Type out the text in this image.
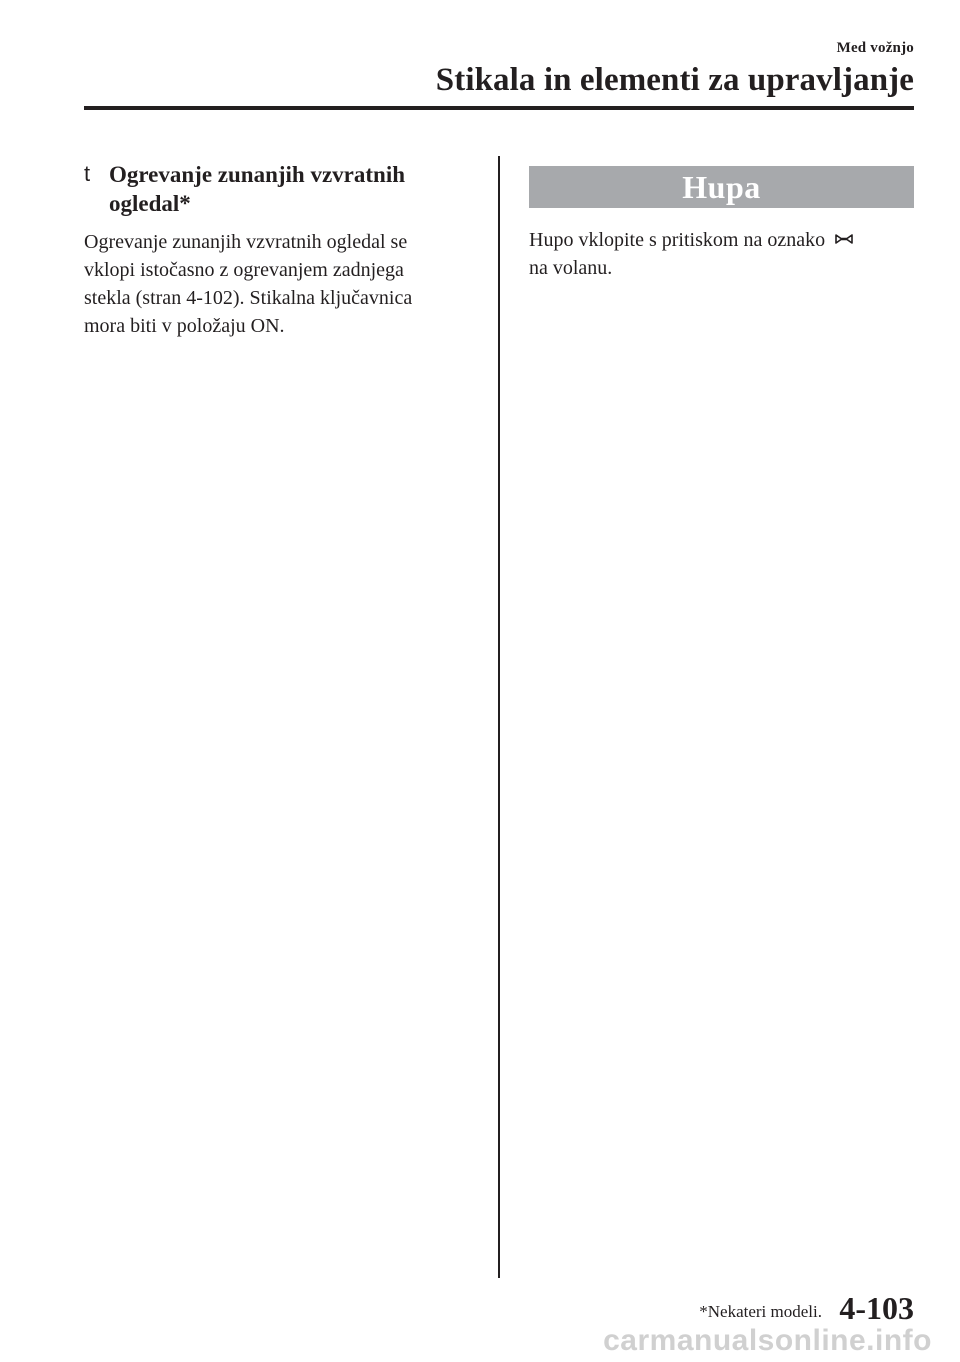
Med vožnjo
Stikala in elementi za upravljanje
t Ogrevanje zunanjih vzvratnih
ogledal*

Ogrevanje zunanjih vzvratnih ogledal se
vklopi istočasno z ogrevanjem zadnjega
stekla (stran 4-102). Stikalna ključavnica
mora biti v položaju ON.

Hupa

Hupo vklopite s pritiskom na oznako
na volanu.

*Nekateri modeli. 4-103
carmanualsonline.info
